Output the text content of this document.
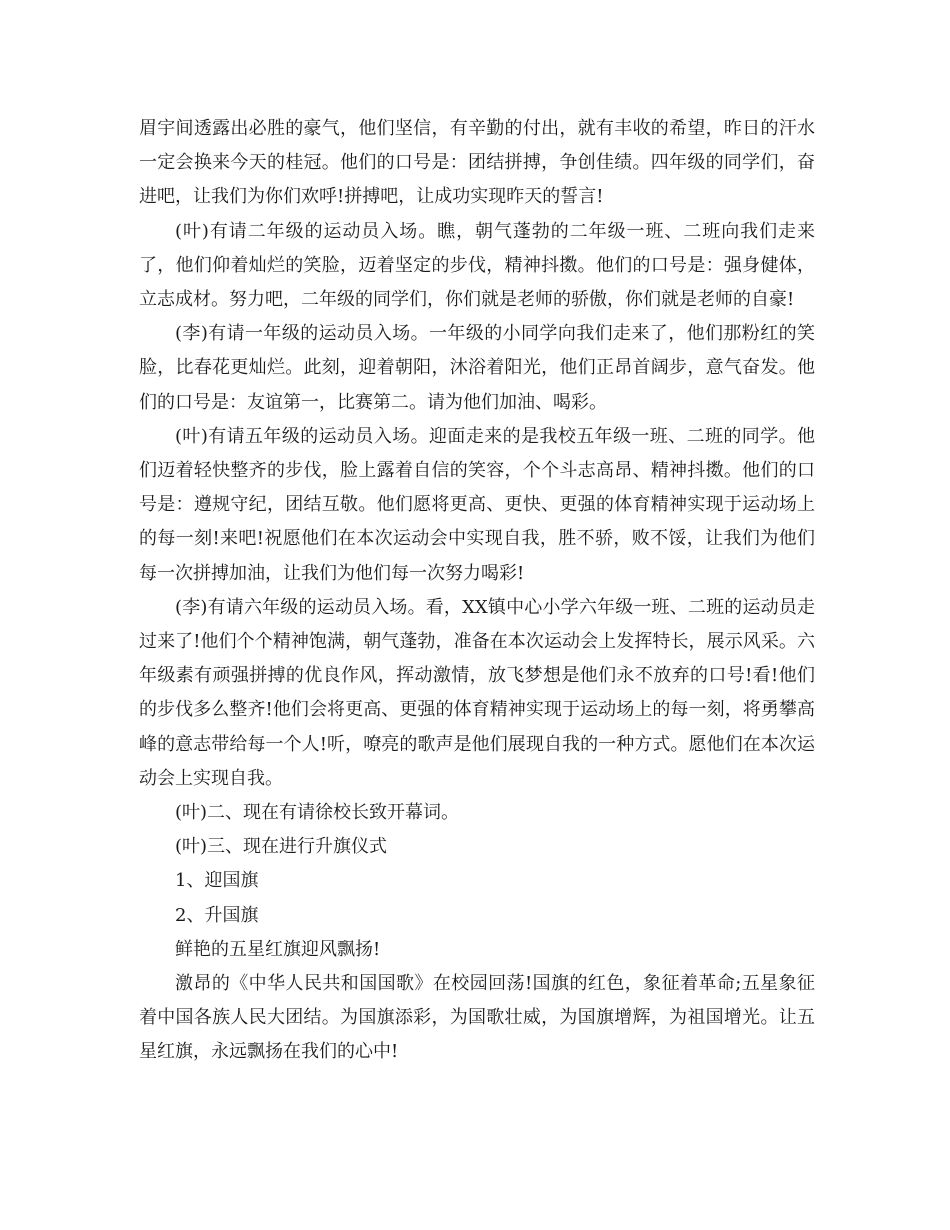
眉宇间透露出必胜的豪气，他们坚信，有辛勤的付出，就有丰收的希望，昨日的汗水一定会换来今天的桂冠。他们的口号是：团结拼搏，争创佳绩。四年级的同学们，奋进吧，让我们为你们欢呼!拼搏吧，让成功实现昨天的誓言!

(叶)有请二年级的运动员入场。瞧，朝气蓬勃的二年级一班、二班向我们走来了，他们仰着灿烂的笑脸，迈着坚定的步伐，精神抖擞。他们的口号是：强身健体，立志成材。努力吧，二年级的同学们，你们就是老师的骄傲，你们就是老师的自豪!

(李)有请一年级的运动员入场。一年级的小同学向我们走来了，他们那粉红的笑脸，比春花更灿烂。此刻，迎着朝阳，沐浴着阳光，他们正昂首阔步，意气奋发。他们的口号是：友谊第一，比赛第二。请为他们加油、喝彩。

(叶)有请五年级的运动员入场。迎面走来的是我校五年级一班、二班的同学。他们迈着轻快整齐的步伐，脸上露着自信的笑容，个个斗志高昂、精神抖擞。他们的口号是：遵规守纪，团结互敬。他们愿将更高、更快、更强的体育精神实现于运动场上的每一刻!来吧!祝愿他们在本次运动会中实现自我，胜不骄，败不馁，让我们为他们每一次拼搏加油，让我们为他们每一次努力喝彩!

(李)有请六年级的运动员入场。看，XX镇中心小学六年级一班、二班的运动员走过来了!他们个个精神饱满，朝气蓬勃，准备在本次运动会上发挥特长，展示风采。六年级素有顽强拼搏的优良作风，挥动激情，放飞梦想是他们永不放弃的口号!看!他们的步伐多么整齐!他们会将更高、更强的体育精神实现于运动场上的每一刻，将勇攀高峰的意志带给每一个人!听，嘹亮的歌声是他们展现自我的一种方式。愿他们在本次运动会上实现自我。

(叶)二、现在有请徐校长致开幕词。

(叶)三、现在进行升旗仪式

1、迎国旗

2、升国旗

鲜艳的五星红旗迎风飘扬!

激昂的《中华人民共和国国歌》在校园回荡!国旗的红色，象征着革命;五星象征着中国各族人民大团结。为国旗添彩，为国歌壮威，为国旗增辉，为祖国增光。让五星红旗，永远飘扬在我们的心中!
